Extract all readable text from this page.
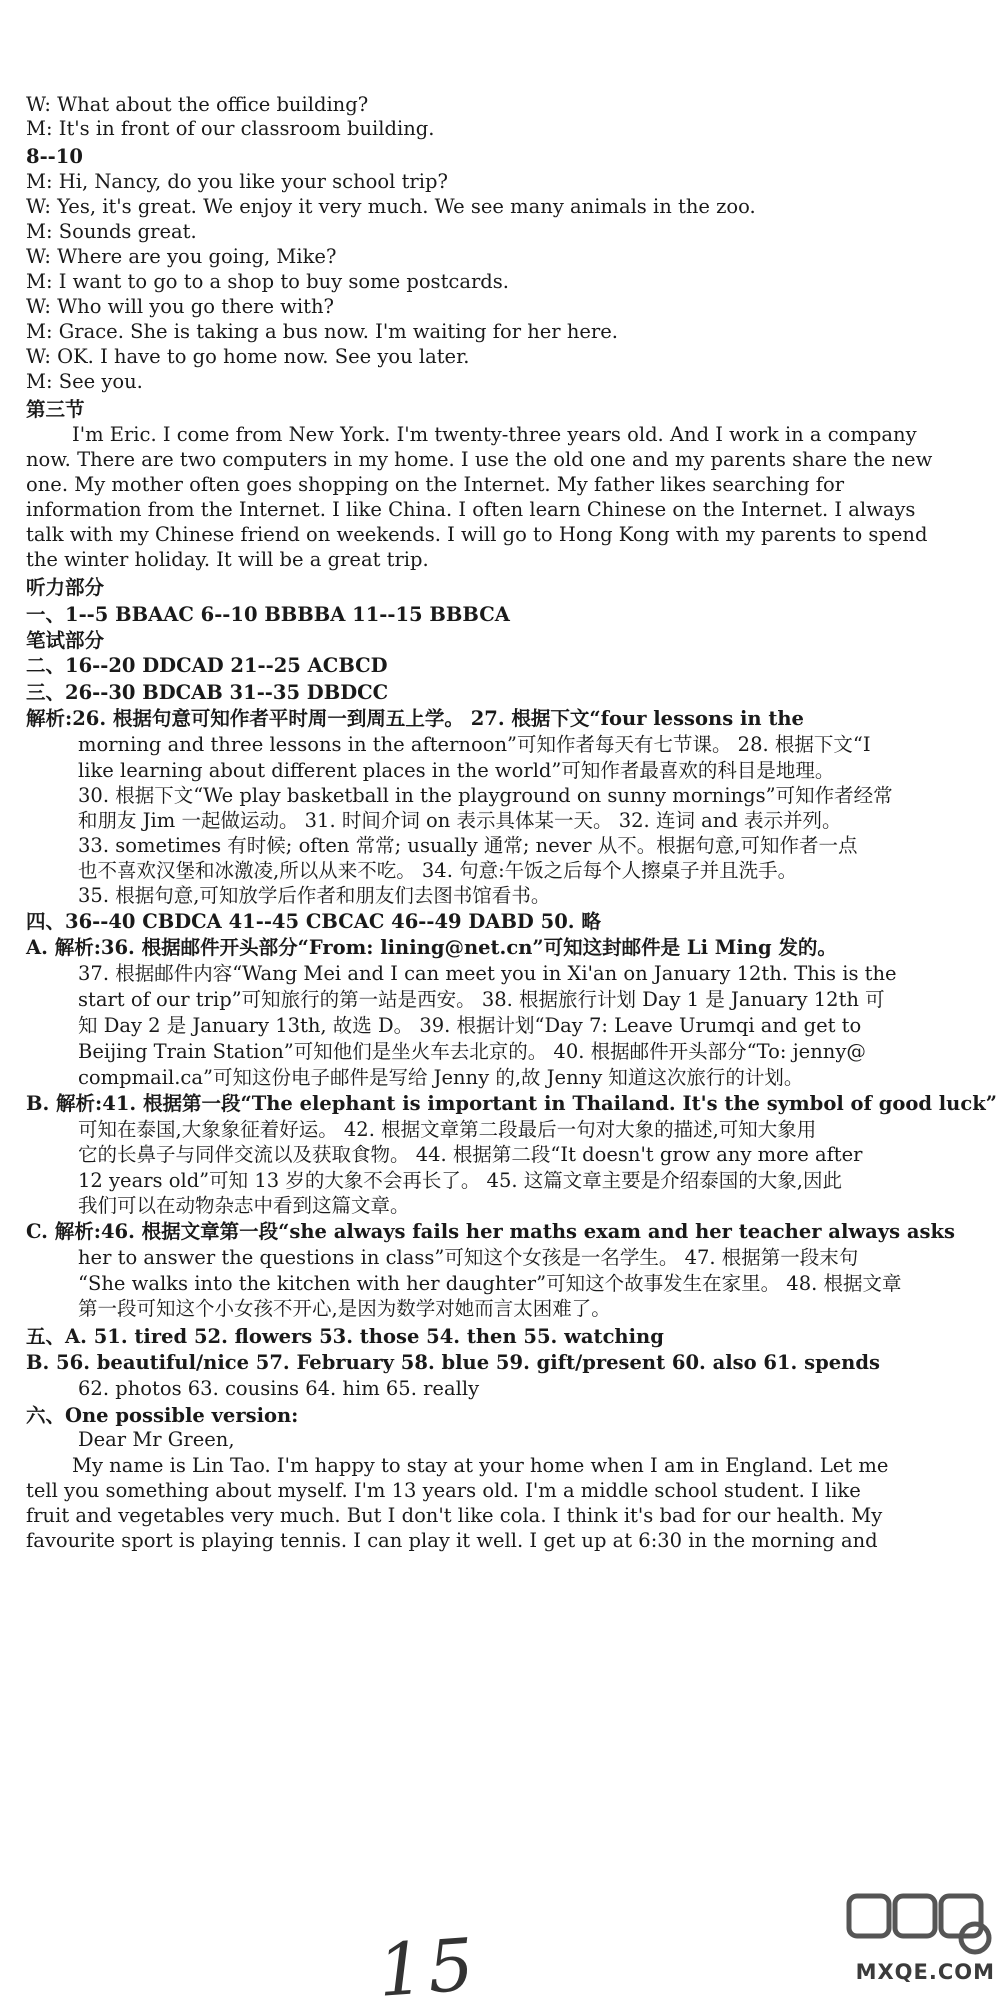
W: What about the office building?
M: It's in front of our classroom building.
8--10
M: Hi, Nancy, do you like your school trip?
W: Yes, it's great. We enjoy it very much. We see many animals in the zoo.
M: Sounds great.
W: Where are you going, Mike?
M: I want to go to a shop to buy some postcards.
W: Who will you go there with?
M: Grace. She is taking a bus now. I'm waiting for her here.
W: OK. I have to go home now. See you later.
M: See you.
第三节
I'm Eric. I come from New York. I'm twenty-three years old. And I work in a company
now. There are two computers in my home. I use the old one and my parents share the new
one. My mother often goes shopping on the Internet. My father likes searching for
information from the Internet. I like China. I often learn Chinese on the Internet. I always
talk with my Chinese friend on weekends. I will go to Hong Kong with my parents to spend
the winter holiday. It will be a great trip.
听力部分
一、1--5 BBAAC 6--10 BBBBA 11--15 BBBCA
笔试部分
二、16--20 DDCAD 21--25 ACBCD
三、26--30 BDCAB 31--35 DBDCC
解析:26. 根据句意可知作者平时周一到周五上学。 27. 根据下文“four lessons in the
morning and three lessons in the afternoon”可知作者每天有七节课。 28. 根据下文“I
like learning about different places in the world”可知作者最喜欢的科目是地理。
30. 根据下文“We play basketball in the playground on sunny mornings”可知作者经常
和朋友 Jim 一起做运动。 31. 时间介词 on 表示具体某一天。 32. 连词 and 表示并列。
33. sometimes 有时候; often 常常; usually 通常; never 从不。根据句意,可知作者一点
也不喜欢汉堡和冰激凌,所以从来不吃。 34. 句意:午饭之后每个人擦桌子并且洗手。
35. 根据句意,可知放学后作者和朋友们去图书馆看书。
四、36--40 CBDCA 41--45 CBCAC 46--49 DABD 50. 略
A. 解析:36. 根据邮件开头部分“From: lining@net.cn”可知这封邮件是 Li Ming 发的。
37. 根据邮件内容“Wang Mei and I can meet you in Xi'an on January 12th. This is the
start of our trip”可知旅行的第一站是西安。 38. 根据旅行计划 Day 1 是 January 12th 可
知 Day 2 是 January 13th, 故选 D。 39. 根据计划“Day 7: Leave Urumqi and get to
Beijing Train Station”可知他们是坐火车去北京的。 40. 根据邮件开头部分“To: jenny@
compmail.ca”可知这份电子邮件是写给 Jenny 的,故 Jenny 知道这次旅行的计划。
B. 解析:41. 根据第一段“The elephant is important in Thailand. It's the symbol of good luck”
可知在泰国,大象象征着好运。 42. 根据文章第二段最后一句对大象的描述,可知大象用
它的长鼻子与同伴交流以及获取食物。 44. 根据第二段“It doesn't grow any more after
12 years old”可知 13 岁的大象不会再长了。 45. 这篇文章主要是介绍泰国的大象,因此
我们可以在动物杂志中看到这篇文章。
C. 解析:46. 根据文章第一段“she always fails her maths exam and her teacher always asks
her to answer the questions in class”可知这个女孩是一名学生。 47. 根据第一段末句
“She walks into the kitchen with her daughter”可知这个故事发生在家里。 48. 根据文章
第一段可知这个小女孩不开心,是因为数学对她而言太困难了。
五、A. 51. tired 52. flowers 53. those 54. then 55. watching
B. 56. beautiful/nice 57. February 58. blue 59. gift/present 60. also 61. spends
62. photos 63. cousins 64. him 65. really
六、One possible version:
Dear Mr Green,
My name is Lin Tao. I'm happy to stay at your home when I am in England. Let me
tell you something about myself. I'm 13 years old. I'm a middle school student. I like
fruit and vegetables very much. But I don't like cola. I think it's bad for our health. My
favourite sport is playing tennis. I can play it well. I get up at 6:30 in the morning and
15	MXQE.COM
